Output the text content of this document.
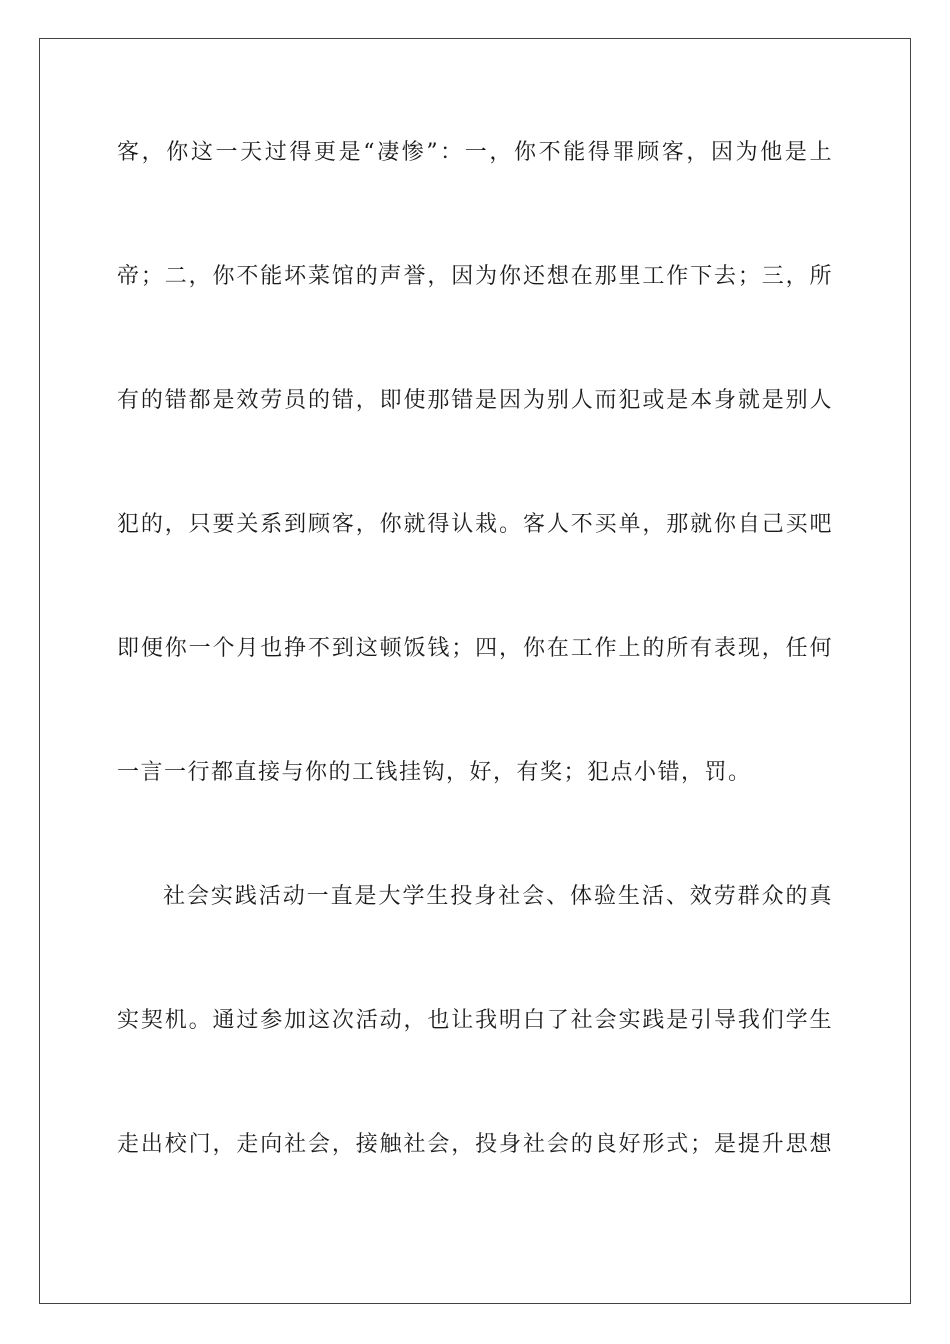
客，你这一天过得更是“凄惨”：一，你不能得罪顾客，因为他是上
帝；二，你不能坏菜馆的声誉，因为你还想在那里工作下去；三，所
有的错都是效劳员的错，即使那错是因为别人而犯或是本身就是别人
犯的，只要关系到顾客，你就得认栽。客人不买单，那就你自己买吧
即便你一个月也挣不到这顿饭钱；四，你在工作上的所有表现，任何
一言一行都直接与你的工钱挂钩，好，有奖；犯点小错，罚。
社会实践活动一直是大学生投身社会、体验生活、效劳群众的真
实契机。通过参加这次活动，也让我明白了社会实践是引导我们学生
走出校门，走向社会，接触社会，投身社会的良好形式；是提升思想
